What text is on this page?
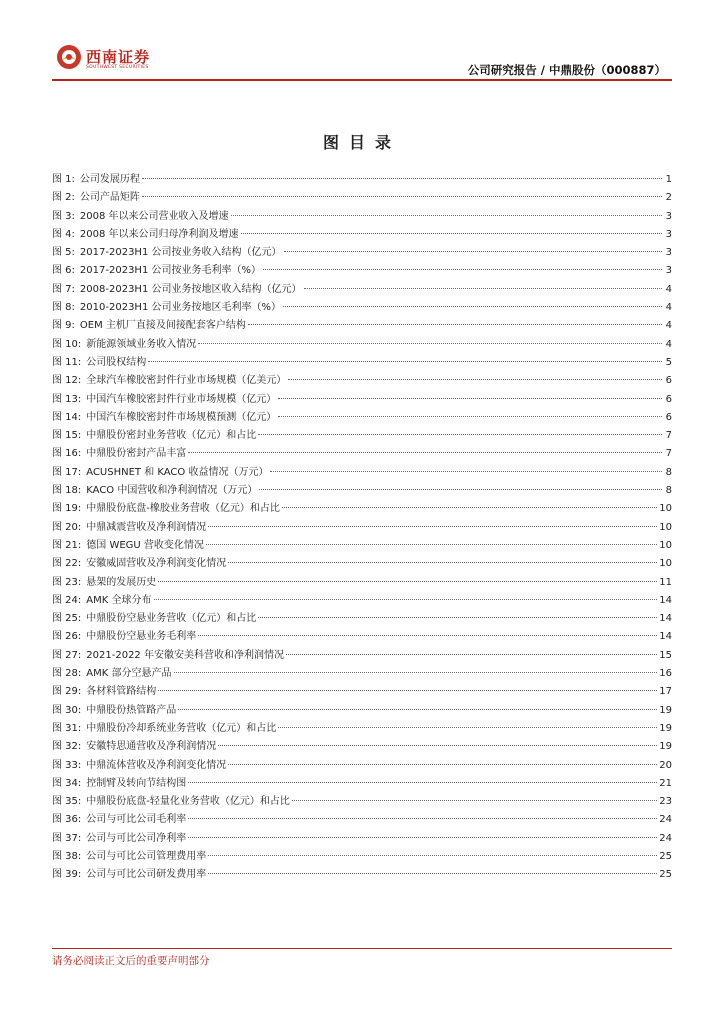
西南证券
SOUTHWEST SECURITIES	公司研究报告 / 中鼎股份（000887）
图目录
图 1: 公司发展历程	1
图 2: 公司产品矩阵	2
图 3: 2008 年以来公司营业收入及增速	3
图 4: 2008 年以来公司归母净利润及增速	3
图 5: 2017-2023H1 公司按业务收入结构（亿元）	3
图 6: 2017-2023H1 公司按业务毛利率（%）	3
图 7: 2008-2023H1 公司业务按地区收入结构（亿元）	4
图 8: 2010-2023H1 公司业务按地区毛利率（%）	4
图 9: OEM 主机厂直接及间接配套客户结构	4
图 10: 新能源领域业务收入情况	4
图 11: 公司股权结构	5
图 12: 全球汽车橡胶密封件行业市场规模（亿美元）	6
图 13: 中国汽车橡胶密封件行业市场规模（亿元）	6
图 14: 中国汽车橡胶密封件市场规模预测（亿元）	6
图 15: 中鼎股份密封业务营收（亿元）和占比	7
图 16: 中鼎股份密封产品丰富	7
图 17: ACUSHNET 和 KACO 收益情况（万元）	8
图 18: KACO 中国营收和净利润情况（万元）	8
图 19: 中鼎股份底盘-橡胶业务营收（亿元）和占比	10
图 20: 中鼎减震营收及净利润情况	10
图 21: 德国 WEGU 营收变化情况	10
图 22: 安徽威固营收及净利润变化情况	10
图 23: 悬架的发展历史	11
图 24: AMK 全球分布	14
图 25: 中鼎股份空悬业务营收（亿元）和占比	14
图 26: 中鼎股份空悬业务毛利率	14
图 27: 2021-2022 年安徽安美科营收和净利润情况	15
图 28: AMK 部分空悬产品	16
图 29: 各材料管路结构	17
图 30: 中鼎股份热管路产品	19
图 31: 中鼎股份冷却系统业务营收（亿元）和占比	19
图 32: 安徽特思通营收及净利润情况	19
图 33: 中鼎流体营收及净利润变化情况	20
图 34: 控制臂及转向节结构图	21
图 35: 中鼎股份底盘-轻量化业务营收（亿元）和占比	23
图 36: 公司与可比公司毛利率	24
图 37: 公司与可比公司净利率	24
图 38: 公司与可比公司管理费用率	25
图 39: 公司与可比公司研发费用率	25
请务必阅读正文后的重要声明部分
